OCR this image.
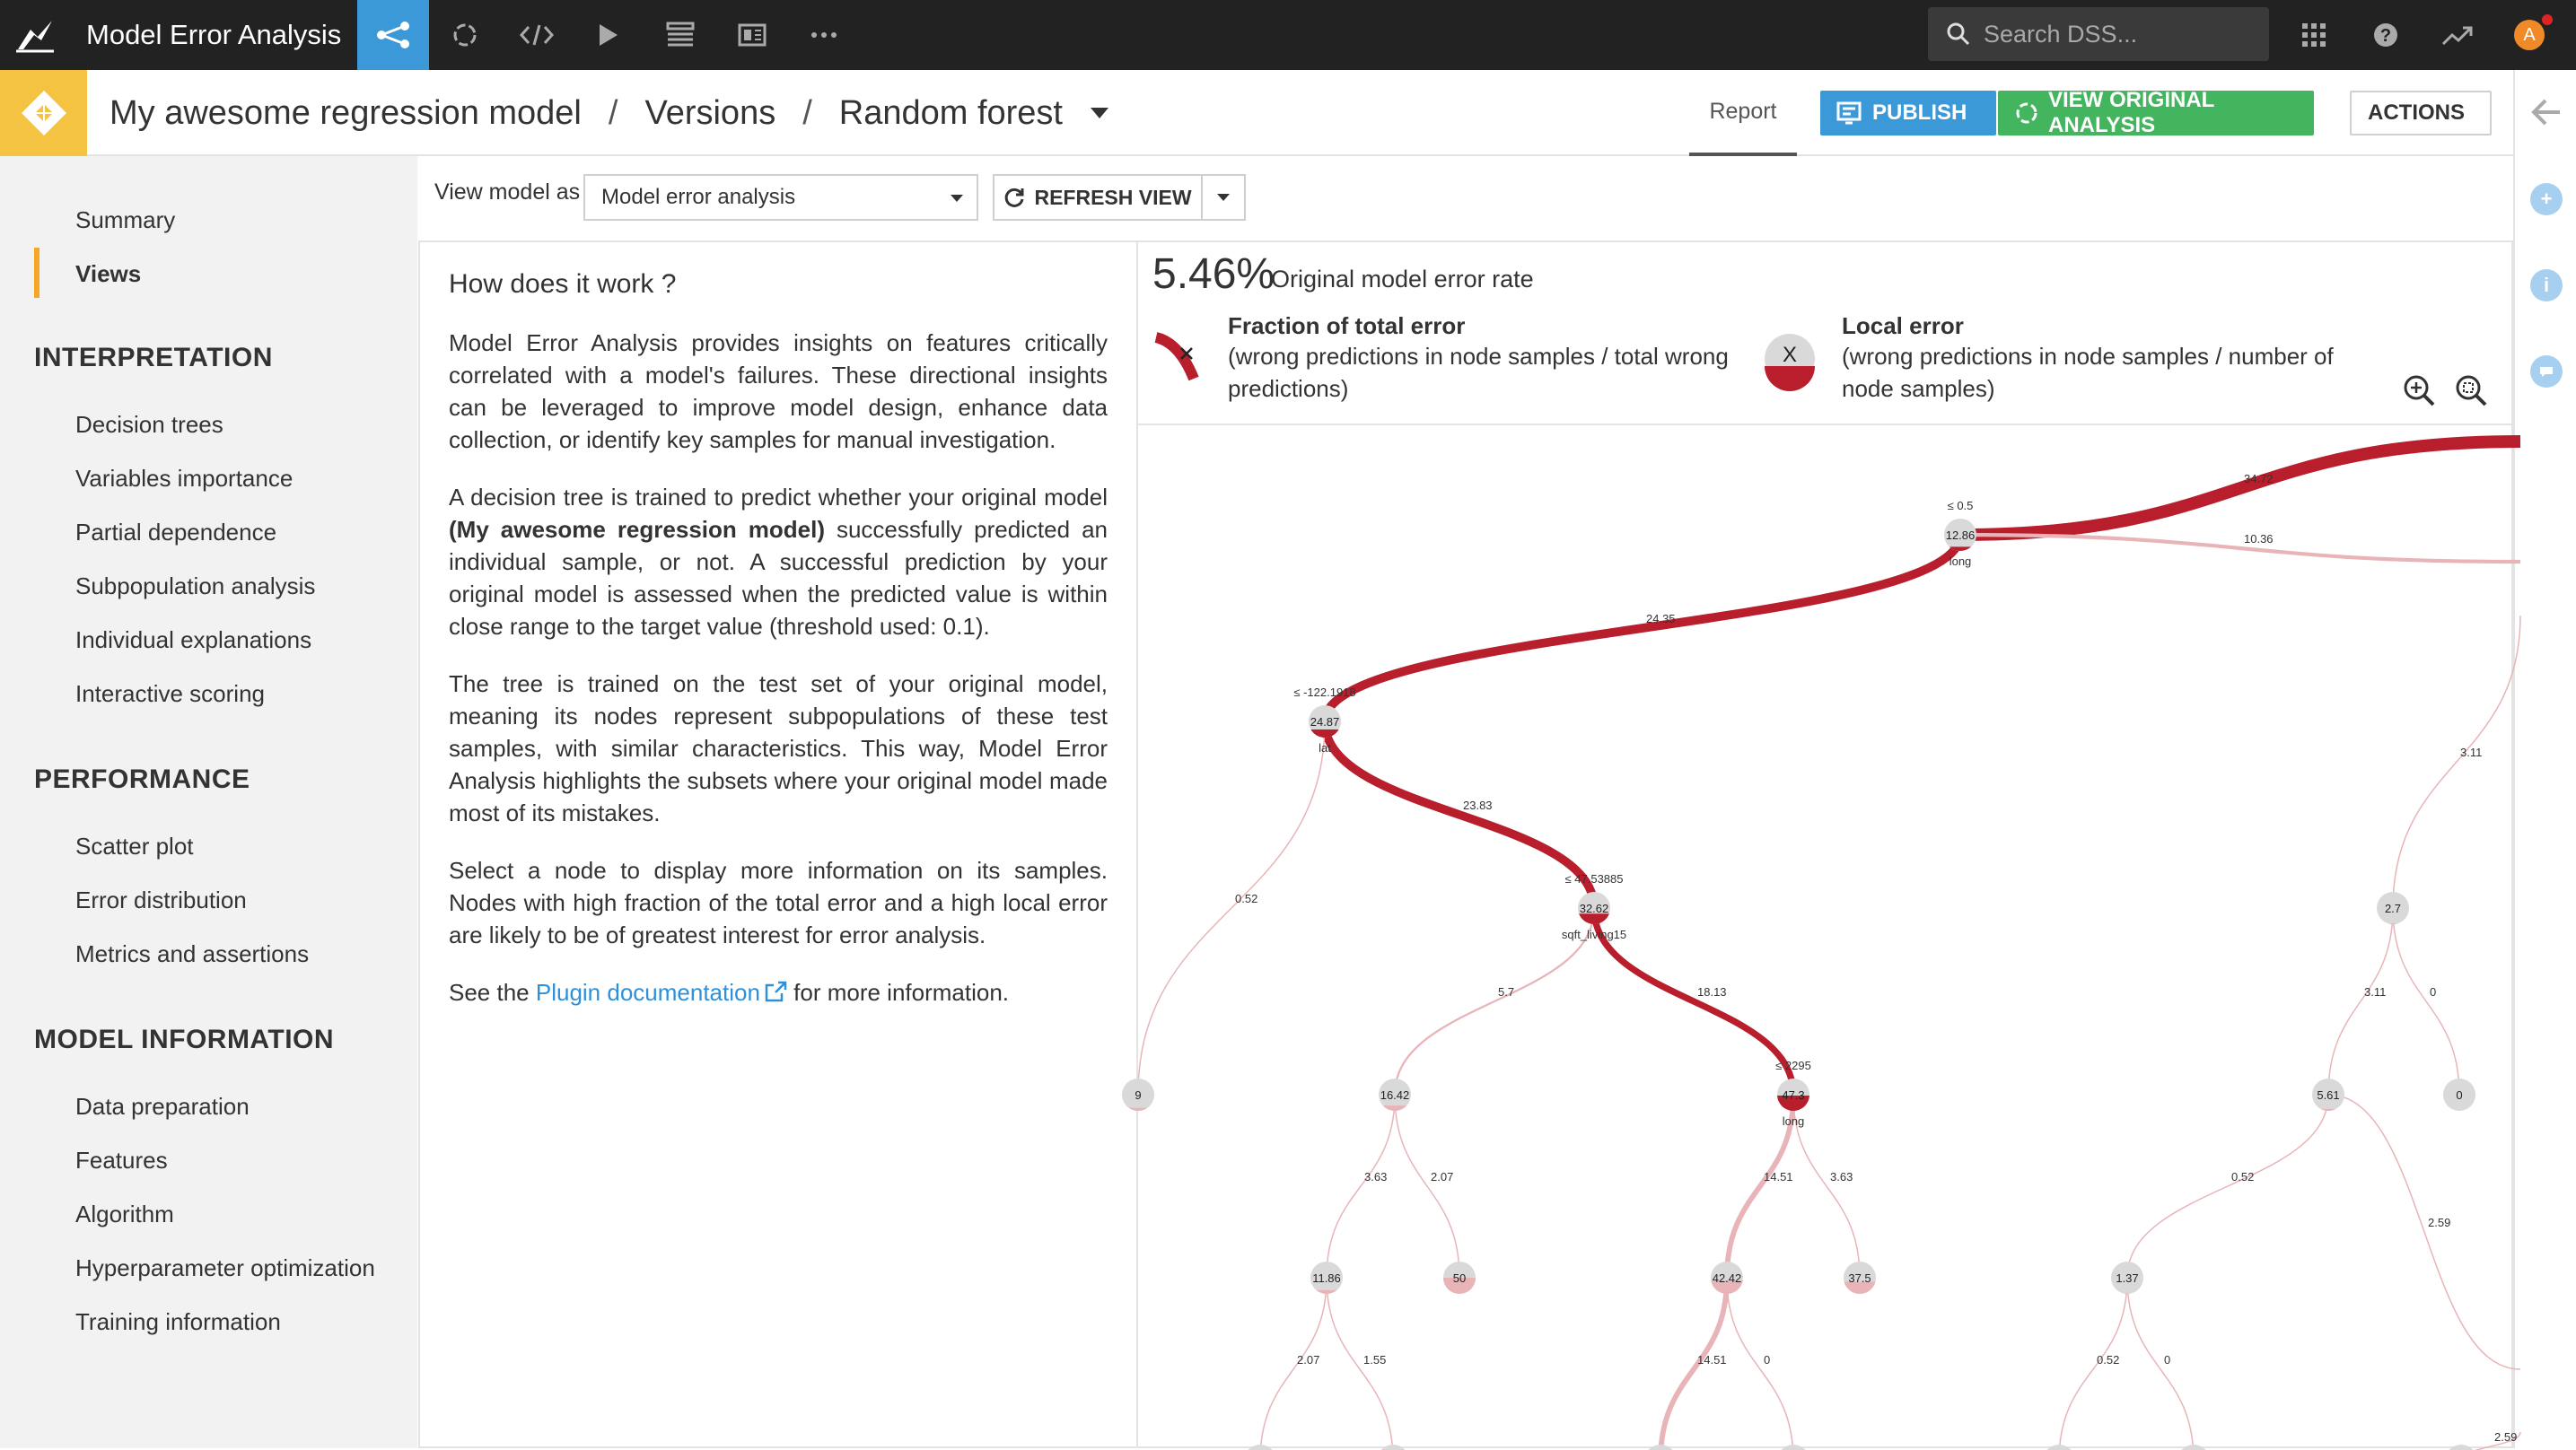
Model Error Analysis
Search DSS...	?	A
My awesome regression model / Versions / Random forest	Report	PUBLISH
VIEW ORIGINAL ANALYSIS
ACTIONS
+
i
Summary
Views
INTERPRETATION
Decision trees
Variables importance
Partial dependence
Subpopulation analysis
Individual explanations
Interactive scoring
PERFORMANCE
Scatter plot
Error distribution
Metrics and assertions
MODEL INFORMATION
Data preparation
Features
Algorithm
Hyperparameter optimization
Training information
View model as Model error analysis	REFRESH VIEW
How does it work ?

Model Error Analysis provides insights on features critically correlated with a model's failures. These directional insights can be leveraged to improve model design, enhance data collection, or identify key samples for manual investigation.

A decision tree is trained to predict whether your original model (My awesome regression model) successfully predicted an individual sample, or not. A successful prediction by your original model is assessed when the predicted value is within close range to the target value (threshold used: 0.1).

The tree is trained on the test set of your original model, meaning its nodes represent subpopulations of these test samples, with similar characteristics. This way, Model Error Analysis highlights the subsets where your original model made most of its mistakes.

Select a node to display more information on its samples. Nodes with high fraction of the total error and a high local error are likely to be of greatest interest for error analysis.

See the Plugin documentation for more information.

5.46%
Original model error rate
Fraction of total error
(wrong predictions in node samples / total wrong predictions)
X
Local error
(wrong predictions in node samples / number of node samples)
34.72
24.35
10.36
23.83
0.52
3.11
5.7	18.13	3.11	0
3.63	2.07	14.51	3.63	0.52
2.59
2.07	1.55	14.51	0	0.52	0
2.59
12.86
long
≤ 0.5
24.87
lat
≤ -122.1918
32.62
sqft_living15
≤ 47.53885
47.3
long
≤ 2295
16.42
2.7
5.61	0
11.86	50	42.42	37.5	1.37
9
